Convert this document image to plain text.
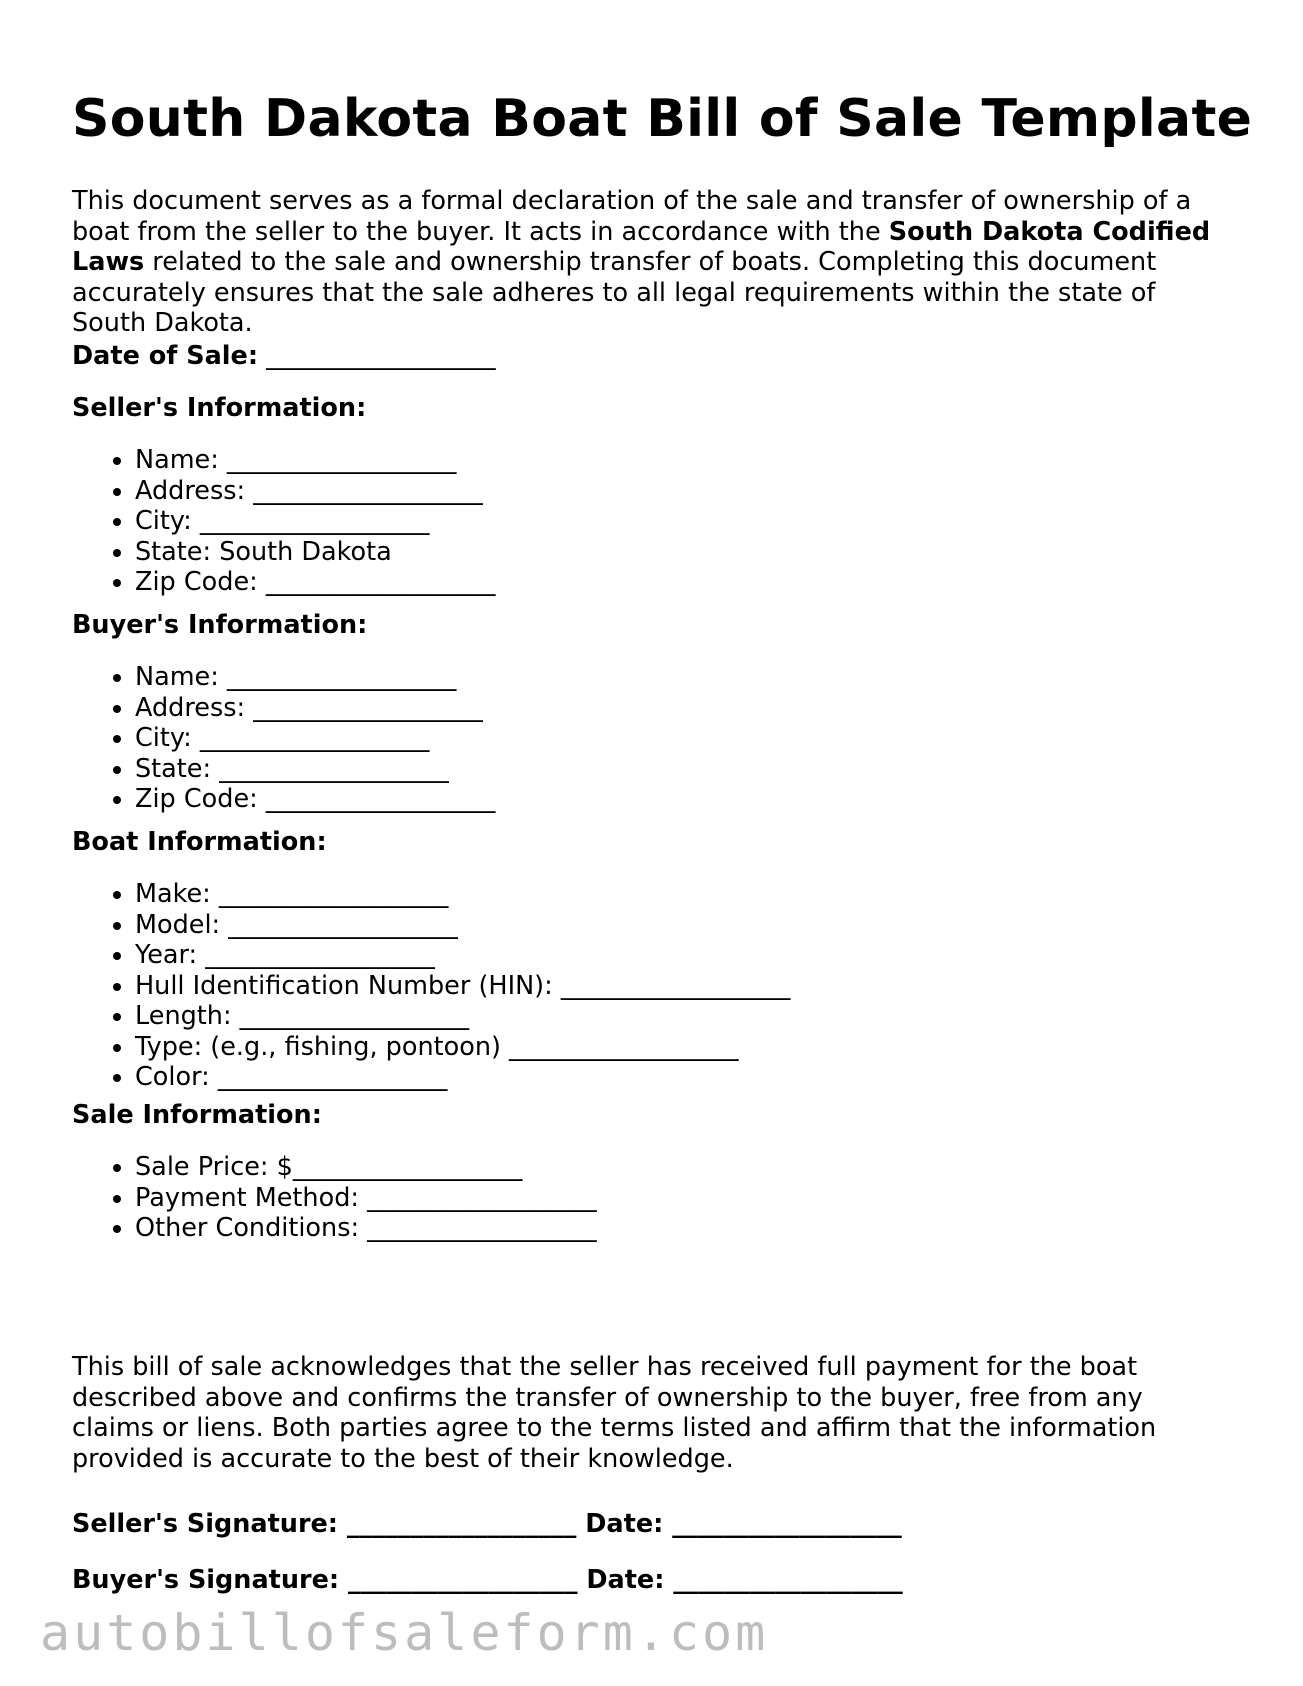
South Dakota Boat Bill of Sale Template

This document serves as a formal declaration of the sale and transfer of ownership of a boat from the seller to the buyer. It acts in accordance with the South Dakota Codified Laws related to the sale and ownership transfer of boats. Completing this document accurately ensures that the sale adheres to all legal requirements within the state of South Dakota.

Date of Sale: __________________

Seller's Information:

• Name: __________________
• Address: __________________
• City: __________________
• State: South Dakota
• Zip Code: __________________

Buyer's Information:

• Name: __________________
• Address: __________________
• City: __________________
• State: __________________
• Zip Code: __________________

Boat Information:

• Make: __________________
• Model: __________________
• Year: __________________
• Hull Identification Number (HIN): __________________
• Length: __________________
• Type: (e.g., fishing, pontoon) __________________
• Color: __________________

Sale Information:

• Sale Price: $__________________
• Payment Method: __________________
• Other Conditions: __________________

This bill of sale acknowledges that the seller has received full payment for the boat described above and confirms the transfer of ownership to the buyer, free from any claims or liens. Both parties agree to the terms listed and affirm that the information provided is accurate to the best of their knowledge.

Seller's Signature: __________________ Date: __________________

Buyer's Signature: __________________ Date: __________________

autobillofsaleform.com
